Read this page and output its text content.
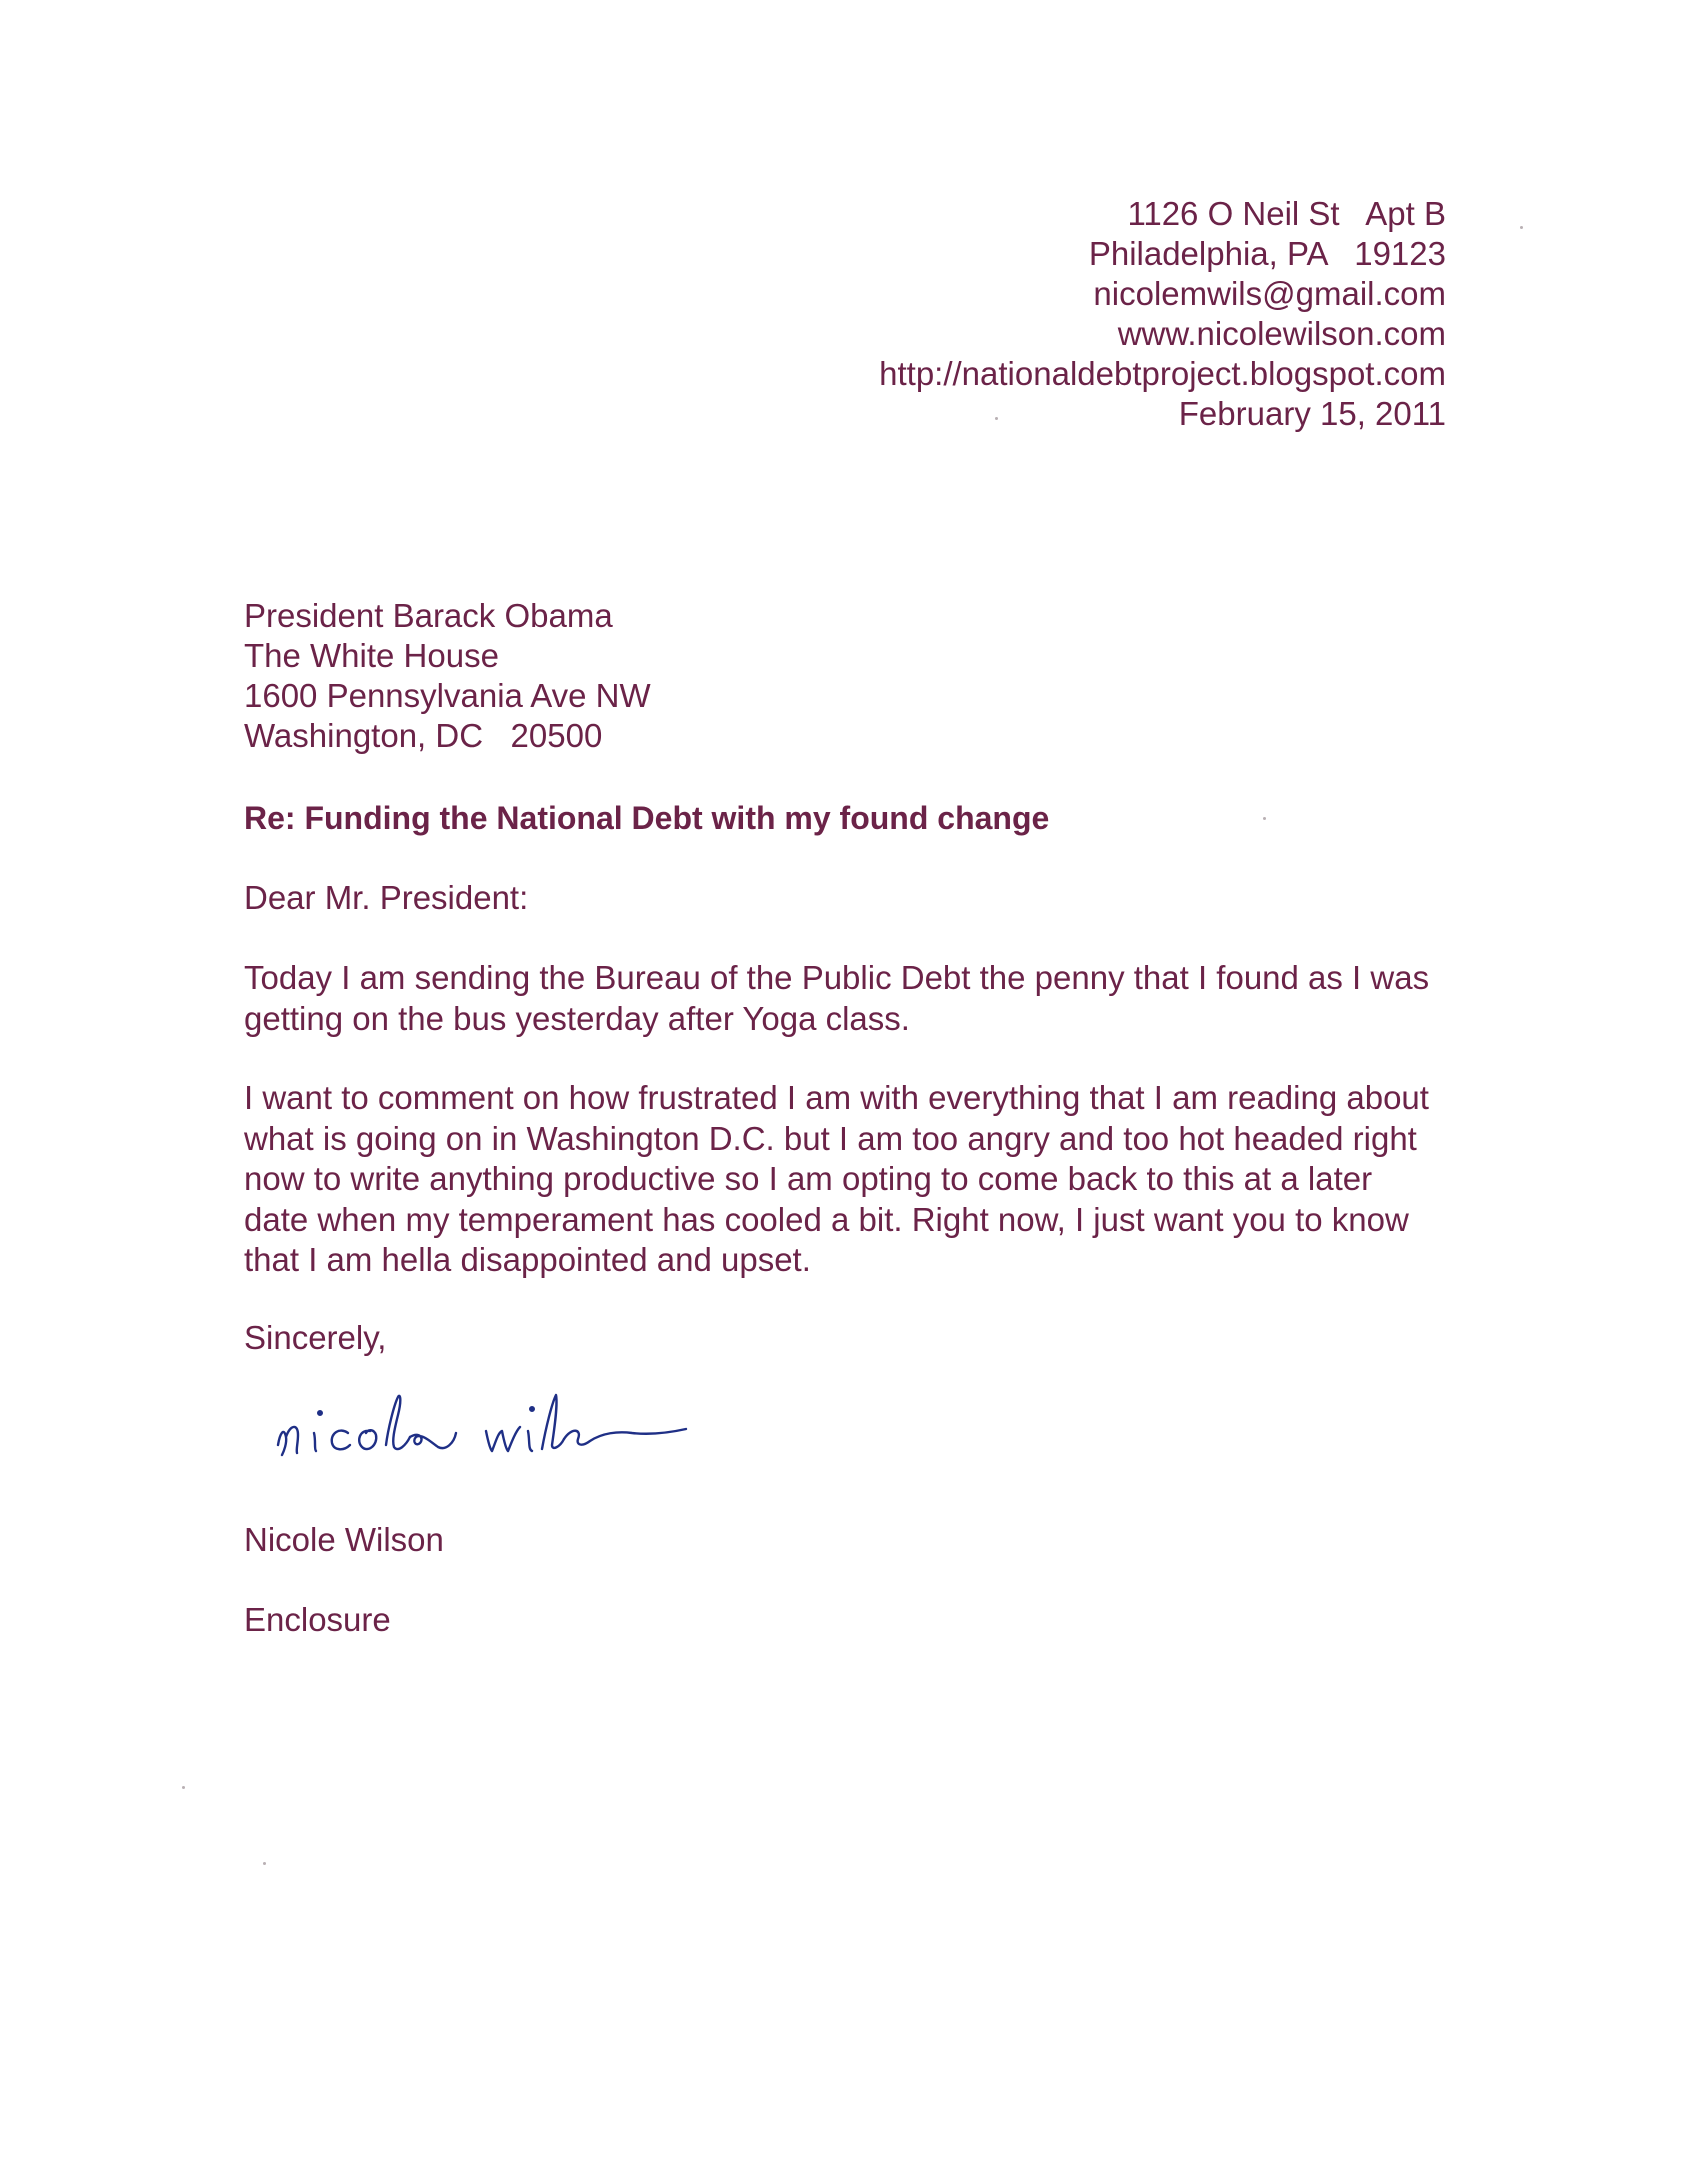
1126 O Neil St   Apt B
Philadelphia, PA   19123
nicolemwils@gmail.com
www.nicolewilson.com
http://nationaldebtproject.blogspot.com
February 15, 2011
President Barack Obama
The White House
1600 Pennsylvania Ave NW
Washington, DC   20500
Re: Funding the National Debt with my found change
Dear Mr. President:
Today I am sending the Bureau of the Public Debt the penny that I found as I was
getting on the bus yesterday after Yoga class.
I want to comment on how frustrated I am with everything that I am reading about
what is going on in Washington D.C. but I am too angry and too hot headed right
now to write anything productive so I am opting to come back to this at a later
date when my temperament has cooled a bit. Right now, I just want you to know
that I am hella disappointed and upset.
Sincerely,
Nicole Wilson
Enclosure
